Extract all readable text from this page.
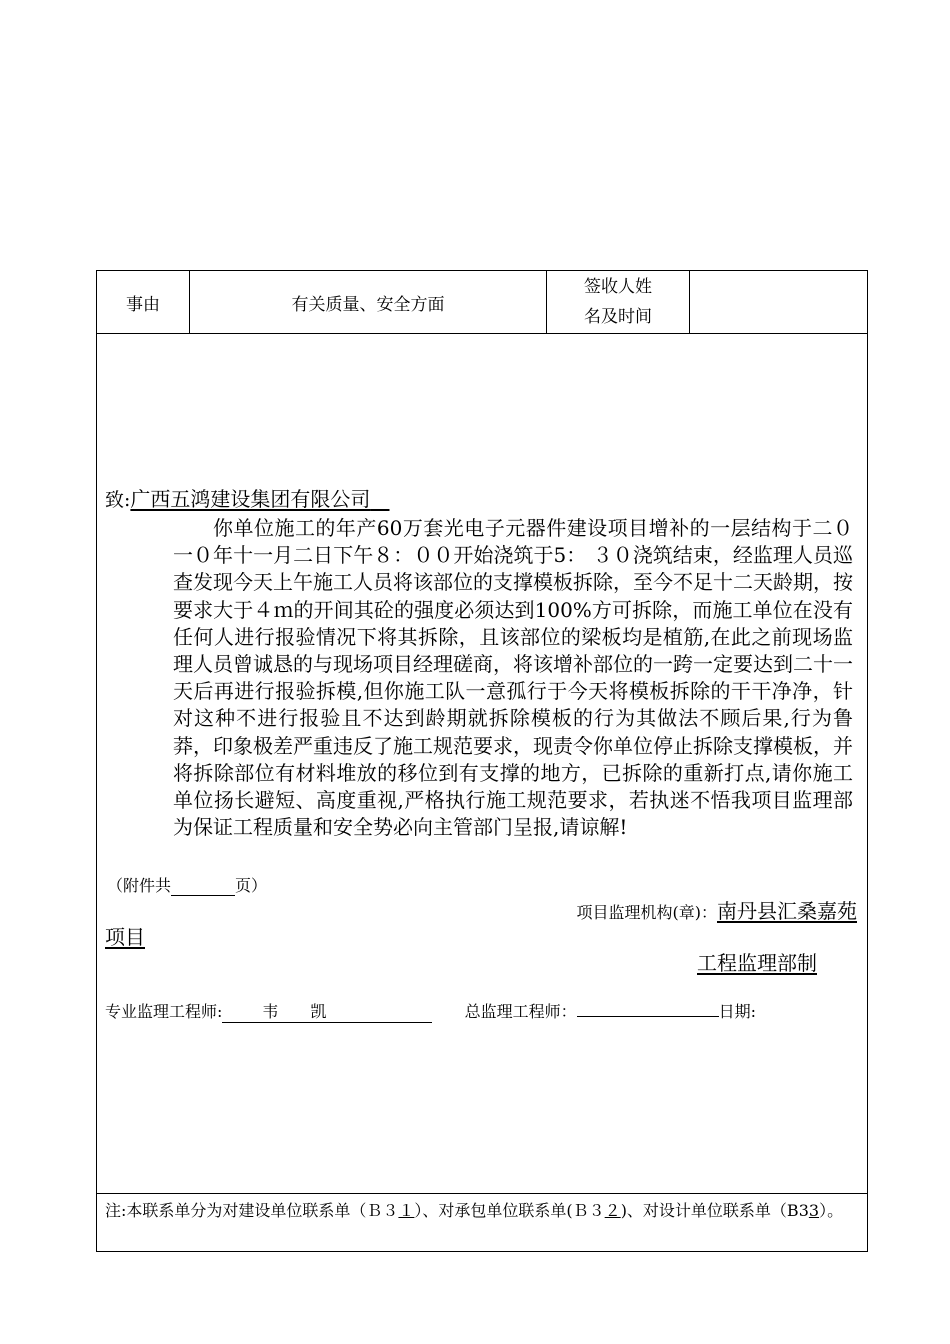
事由	有关质量、安全方面
签收人姓
名及时间
致:广西五鸿建设集团有限公司

你单位施工的年产60万套光电子元器件建设项目增补的一层结构于二０一０年十一月二日下午８：００开始浇筑于5： ３０浇筑结束，经监理人员巡查发现今天上午施工人员将该部位的支撑模板拆除，至今不足十二天龄期，按要求大于４ｍ的开间其砼的强度必须达到100%方可拆除，而施工单位在没有任何人进行报验情况下将其拆除，且该部位的梁板均是植筋,在此之前现场监理人员曾诚恳的与现场项目经理磋商，将该增补部位的一跨一定要达到二十一天后再进行报验拆模,但你施工队一意孤行于今天将模板拆除的干干净净，针对这种不进行报验且不达到龄期就拆除模板的行为其做法不顾后果,行为鲁莽，印象极差严重违反了施工规范要求，现责令你单位停止拆除支撑模板，并将拆除部位有材料堆放的移位到有支撑的地方，已拆除的重新打点,请你施工单位扬长避短、高度重视,严格执行施工规范要求，若执迷不悟我项目监理部为保证工程质量和安全势必向主管部门呈报,请谅解!

（附件共	页）
项目监理机构(章)：南丹县汇桑嘉苑
项目
工程监理部制
专业监理工程师:	韦　　凯	总监理工程师：	日期:
注:本联系单分为对建设单位联系单（Ｂ３１）、对承包单位联系单(Ｂ３２)、对设计单位联系单（B33）。
